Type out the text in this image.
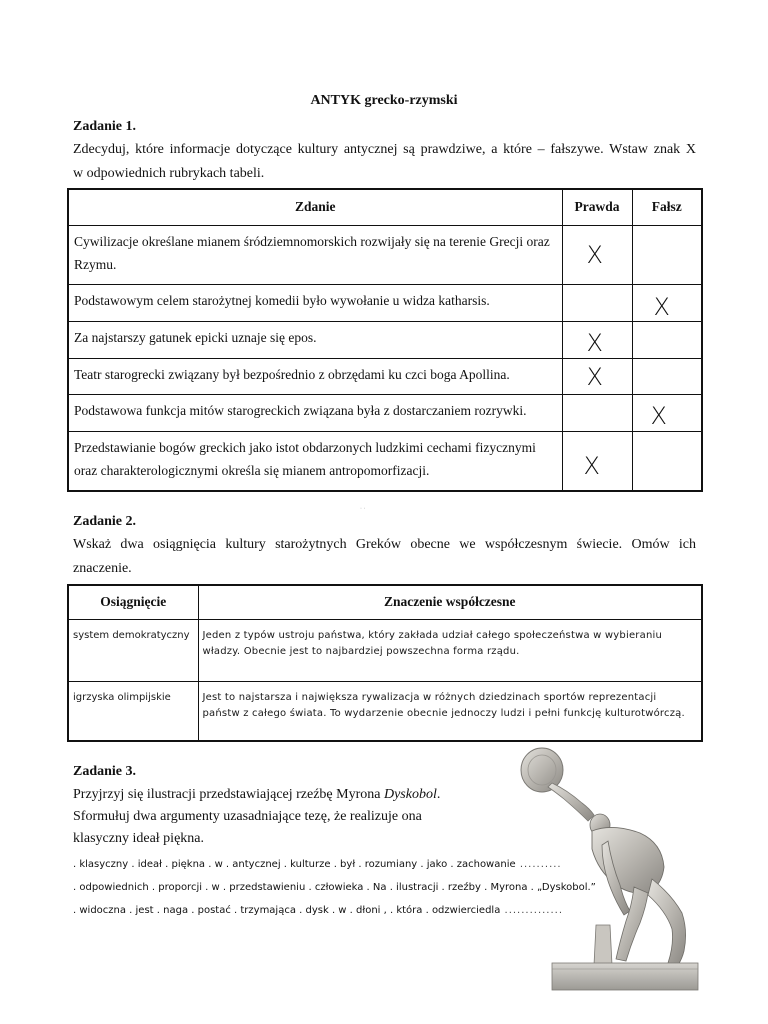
ANTYK grecko-rzymski
Zadanie 1.
Zdecyduj, które informacje dotyczące kultury antycznej są prawdziwe, a które – fałszywe. Wstaw znak X
w odpowiednich rubrykach tabeli.
Zdanie	Prawda	Fałsz
Cywilizacje określane mianem śródziemnomorskich rozwijały się na terenie Grecji oraz Rzymu.	X	

Podstawowym celem starożytnej komedii było wywołanie u widza katharsis.		X

Za najstarszy gatunek epicki uznaje się epos.	X	

Teatr starogrecki związany był bezpośrednio z obrzędami ku czci boga Apollina.	X	

Podstawowa funkcja mitów starogreckich związana była z dostarczaniem rozrywki.		X

Przedstawianie bogów greckich jako istot obdarzonych ludzkimi cechami fizycznymi oraz charakterologicznymi określa się mianem antropomorfizacji.	X	

· ·
Zadanie 2.
Wskaż dwa osiągnięcia kultury starożytnych Greków obecne we współczesnym świecie. Omów ich
znaczenie.
Osiągnięcie	Znaczenie współczesne
system demokratyczny	Jeden z typów ustroju państwa, który zakłada udział całego społeczeństwa w wybieraniu władzy. Obecnie jest to najbardziej powszechna forma rządu.
igrzyska olimpijskie	Jest to najstarsza i największa rywalizacja w różnych dziedzinach sportów reprezentacji państw z całego świata. To wydarzenie obecnie jednoczy ludzi i pełni funkcję kulturotwórczą.
Zadanie 3.
Przyjrzyj się ilustracji przedstawiającej rzeźbę Myrona Dyskobol.
Sformułuj dwa argumenty uzasadniające tezę, że realizuje ona
klasyczny ideał piękna.
. klasyczny . ideał . piękna . w . antycznej . kulturze . był . rozumiany . jako . zachowanie ..........
. odpowiednich . proporcji . w . przedstawieniu . człowieka . Na . ilustracji . rzeźby . Myrona . „Dyskobol.”
. widoczna . jest . naga . postać . trzymająca . dysk . w . dłoni , . która . odzwierciedla ..............
